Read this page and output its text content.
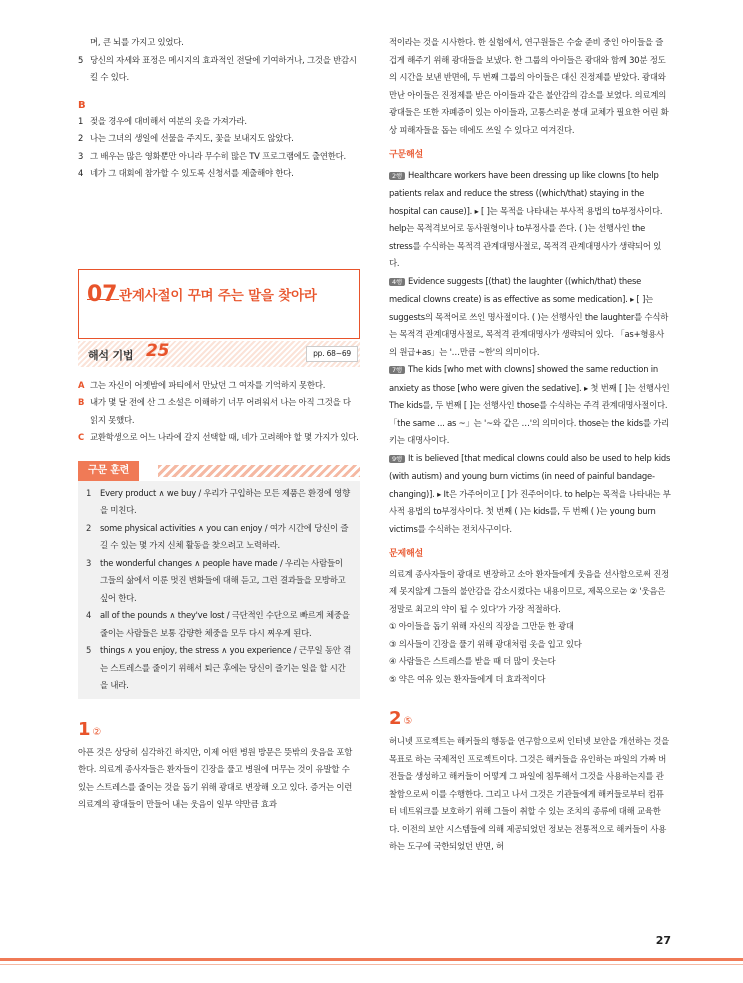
며, 큰 뇌를 가지고 있었다.
5 당신의 자세와 표정은 메시지의 효과적인 전달에 기여하거나, 그것을 반감시킬 수 있다.
B
1 젖을 경우에 대비해서 여분의 옷을 가져가라.
2 나는 그녀의 생일에 선물을 주지도, 꽃을 보내지도 않았다.
3 그 배우는 많은 영화뿐만 아니라 무수히 많은 TV 프로그램에도 출연한다.
4 네가 그 대회에 참가할 수 있도록 신청서를 제출해야 한다.
07 관계사절이 꾸며 주는 말을 찾아라
해석 기법 25	pp. 68~69
A 그는 자신이 어젯밤에 파티에서 만났던 그 여자를 기억하지 못한다.
B 내가 몇 달 전에 산 그 소설은 이해하기 너무 어려워서 나는 아직 그것을 다 읽지 못했다.
C 교환학생으로 어느 나라에 갈지 선택할 때, 네가 고려해야 할 몇 가지가 있다.
구문 훈련
1	Every product ∧ we buy / 우리가 구입하는 모든 제품은 환경에 영향을 미친다.
2	some physical activities ∧ you can enjoy / 여가 시간에 당신이 즐길 수 있는 몇 가지 신체 활동을 찾으려고 노력하라.
3	the wonderful changes ∧ people have made / 우리는 사람들이 그들의 삶에서 이룬 멋진 변화들에 대해 듣고, 그런 결과들을 모방하고 싶어 한다.
4	all of the pounds ∧ they've lost / 극단적인 수단으로 빠르게 체중을 줄이는 사람들은 보통 감량한 체중을 모두 다시 찌우게 된다.
5	things ∧ you enjoy, the stress ∧ you experience / 근무일 동안 겪는 스트레스를 줄이기 위해서 퇴근 후에는 당신이 즐기는 일을 할 시간을 내라.
1 ②
아픈 것은 상당히 심각하긴 하지만, 이제 어떤 병원 방문은 뜻밖의 웃음을 포함한다. 의료계 종사자들은 환자들이 긴장을 풀고 병원에 머무는 것이 유발할 수 있는 스트레스를 줄이는 것을 돕기 위해 광대로 변장해 오고 있다. 증거는 이런 의료계의 광대들이 만들어 내는 웃음이 일부 약만큼 효과
적이라는 것을 시사한다. 한 실험에서, 연구원들은 수술 준비 중인 아이들을 즐겁게 해주기 위해 광대들을 보냈다. 한 그룹의 아이들은 광대와 함께 30분 정도의 시간을 보낸 반면에, 두 번째 그룹의 아이들은 대신 진정제를 받았다. 광대와 만난 아이들은 진정제를 받은 아이들과 같은 불안감의 감소를 보였다. 의료계의 광대들은 또한 자폐증이 있는 아이들과, 고통스러운 붕대 교체가 필요한 어린 화상 피해자들을 돕는 데에도 쓰일 수 있다고 여겨진다.
구문해설
2행 Healthcare workers have been dressing up like clowns [to help patients relax and reduce the stress ((which/that) staying in the hospital can cause)]. ▸ [ ]는 목적을 나타내는 부사적 용법의 to부정사이다. help는 목적격보어로 동사원형이나 to부정사를 쓴다. ( )는 선행사인 the stress를 수식하는 목적격 관계대명사절로, 목적격 관계대명사가 생략되어 있다.
4행 Evidence suggests [(that) the laughter ((which/that) these medical clowns create) is as effective as some medication]. ▸ [ ]는 suggests의 목적어로 쓰인 명사절이다. ( )는 선행사인 the laughter를 수식하는 목적격 관계대명사절로, 목적격 관계대명사가 생략되어 있다. 「as+형용사의 원급+as」는 '…만큼 ~한'의 의미이다.
7행 The kids [who met with clowns] showed the same reduction in anxiety as those [who were given the sedative]. ▸ 첫 번째 [ ]는 선행사인 The kids를, 두 번째 [ ]는 선행사인 those를 수식하는 주격 관계대명사절이다. 「the same ... as ~」는 '~와 같은 …'의 의미이다. those는 the kids를 가리키는 대명사이다.
9행 It is believed [that medical clowns could also be used to help kids (with autism) and young burn victims (in need of painful bandage-changing)]. ▸ It은 가주어이고 [ ]가 진주어이다. to help는 목적을 나타내는 부사적 용법의 to부정사이다. 첫 번째 ( )는 kids를, 두 번째 ( )는 young burn victims를 수식하는 전치사구이다.
문제해설
의료계 종사자들이 광대로 변장하고 소아 환자들에게 웃음을 선사함으로써 진정제 못지않게 그들의 불안감을 감소시켰다는 내용이므로, 제목으로는 ② '웃음은 정말로 최고의 약이 될 수 있다'가 가장 적절하다.
① 아이들을 돕기 위해 자신의 직장을 그만둔 한 광대
③ 의사들이 긴장을 풀기 위해 광대처럼 옷을 입고 있다
④ 사람들은 스트레스를 받을 때 더 많이 웃는다
⑤ 약은 여유 있는 환자들에게 더 효과적이다
2 ⑤
허니넷 프로젝트는 해커들의 행동을 연구함으로써 인터넷 보안을 개선하는 것을 목표로 하는 국제적인 프로젝트이다. 그것은 해커들을 유인하는 파일의 가짜 버전들을 생성하고 해커들이 어떻게 그 파일에 침투해서 그것을 사용하는지를 관찰함으로써 이를 수행한다. 그리고 나서 그것은 기관들에게 해커들로부터 컴퓨터 네트워크를 보호하기 위해 그들이 취할 수 있는 조치의 종류에 대해 교육한다. 이전의 보안 시스템들에 의해 제공되었던 정보는 전통적으로 해커들이 사용하는 도구에 국한되었던 반면, 허
27
